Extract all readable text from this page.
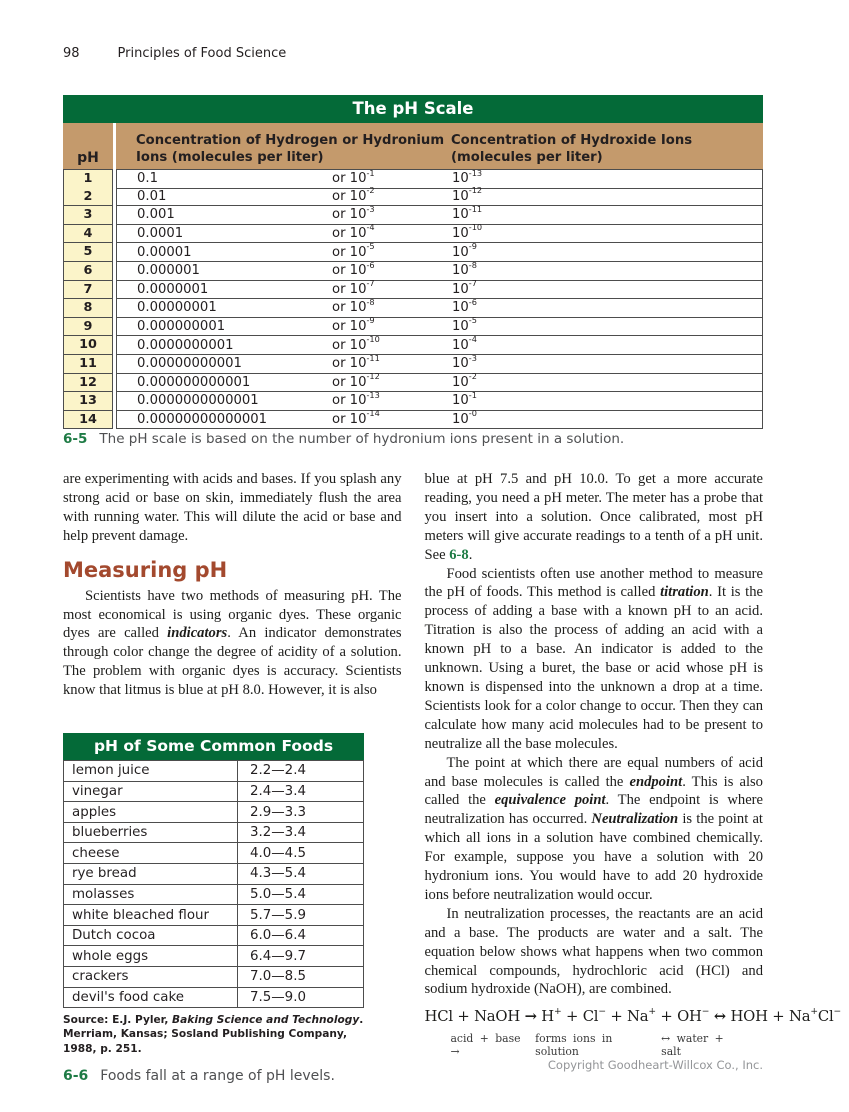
98	Principles of Food Science
The pH Scale
pH
Concentration of Hydrogen or Hydronium Ions (molecules per liter)
Concentration of Hydroxide Ions (molecules per liter)
1	0.1	or $10^{-1}$	$10^{-13}$
2	0.01	or $10^{-2}$	$10^{-12}$
3	0.001	or $10^{-3}$	$10^{-11}$
4	0.0001	or $10^{-4}$	$10^{-10}$
5	0.00001	or $10^{-5}$	$10^{-9}$
6	0.000001	or $10^{-6}$	$10^{-8}$
7	0.0000001	or $10^{-7}$	$10^{-7}$
8	0.00000001	or $10^{-8}$	$10^{-6}$
9	0.000000001	or $10^{-9}$	$10^{-5}$
10	0.0000000001	or $10^{-10}$	$10^{-4}$
11	0.00000000001	or $10^{-11}$	$10^{-3}$
12	0.000000000001	or $10^{-12}$	$10^{-2}$
13	0.0000000000001	or $10^{-13}$	$10^{-1}$
14	0.00000000000001	or $10^{-14}$	$10^{-0}$
6-5 The pH scale is based on the number of hydronium ions present in a solution.

are experimenting with acids and bases. If you splash any strong acid or base on skin, immediately flush the area with running water. This will dilute the acid or base and help prevent damage.

Measuring pH

Scientists have two methods of measuring pH. The most economical is using organic dyes. These organic dyes are called indicators. An indicator demonstrates through color change the degree of acidity of a solution. The problem with organic dyes is accuracy. Scientists know that litmus is blue at pH 8.0. However, it is also

pH of Some Common Foods
lemon juice	2.2—2.4
vinegar	2.4—3.4
apples	2.9—3.3
blueberries	3.2—3.4
cheese	4.0—4.5
rye bread	4.3—5.4
molasses	5.0—5.4
white bleached flour	5.7—5.9
Dutch cocoa	6.0—6.4
whole eggs	6.4—9.7
crackers	7.0—8.5
devil's food cake	7.5—9.0
Source: E.J. Pyler, Baking Science and Technology. Merriam, Kansas; Sosland Publishing Company, 1988, p. 251.
6-6 Foods fall at a range of pH levels.

blue at pH 7.5 and pH 10.0. To get a more accurate reading, you need a pH meter. The meter has a probe that you insert into a solution. Once calibrated, most pH meters will give accurate readings to a tenth of a pH unit. See 6-8.

Food scientists often use another method to measure the pH of foods. This method is called titration. It is the process of adding a base with a known pH to an acid. Titration is also the process of adding an acid with a known pH to a base. An indicator is added to the unknown. Using a buret, the base or acid whose pH is known is dispensed into the unknown a drop at a time. Scientists look for a color change to occur. Then they can calculate how many acid molecules had to be present to neutralize all the base molecules.

The point at which there are equal numbers of acid and base molecules is called the endpoint. This is also called the equivalence point. The endpoint is where neutralization has occurred. Neutralization is the point at which all ions in a solution have combined chemically. For example, suppose you have a solution with 20 hydronium ions. You would have to add 20 hydroxide ions before neutralization would occur.

In neutralization processes, the reactants are an acid and a base. The products are water and a salt. The equation below shows what happens when two common chemical compounds, hydrochloric acid (HCl) and sodium hydroxide (NaOH), are combined.

HCl + NaOH → H+ + Cl− + Na+ + OH− ↔ HOH + Na+Cl−
acid + base →
forms ions in solution
↔ water + salt
Copyright Goodheart-Willcox Co., Inc.
